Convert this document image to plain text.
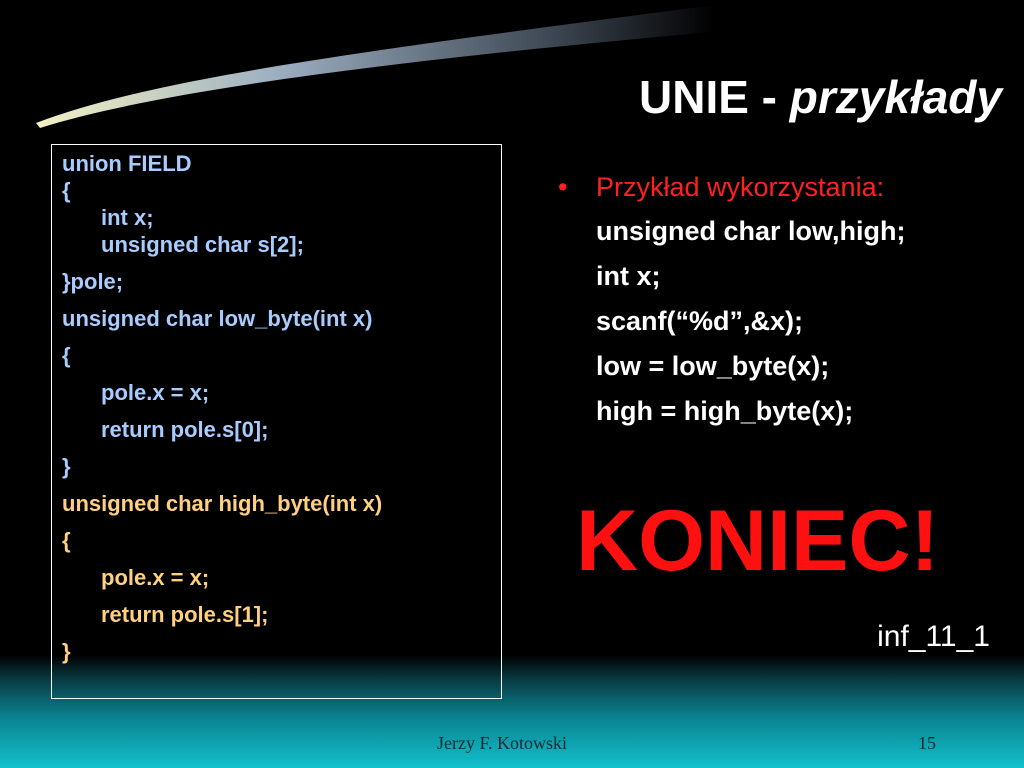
UNIE - przykłady
union FIELD
{
int x;
unsigned char s[2];
}pole;
unsigned char low_byte(int x)
{
pole.x = x;
return pole.s[0];
}
unsigned char high_byte(int x)
{
pole.x = x;
return pole.s[1];
}
• Przykład wykorzystania:
unsigned char low,high;
int x;
scanf(“%d”,&x);
low = low_byte(x);
high = high_byte(x);
KONIEC!
inf_11_1
Jerzy F. Kotowski	15
